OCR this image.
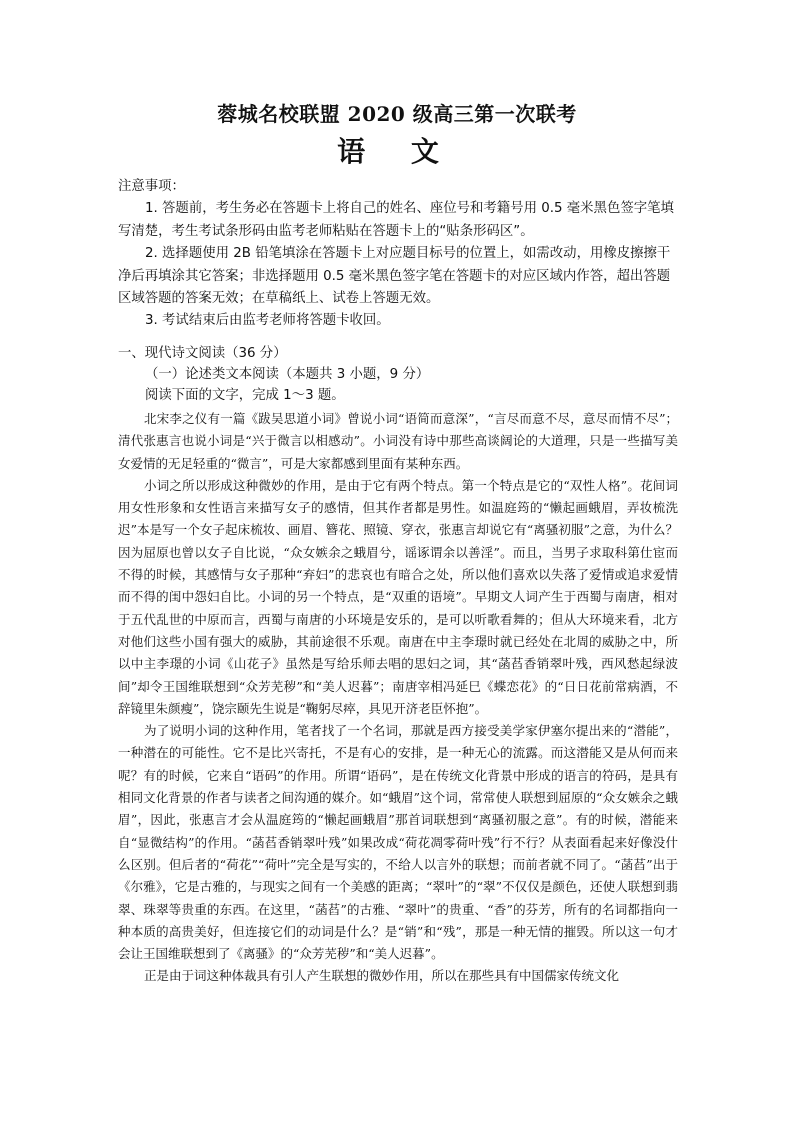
蓉城名校联盟 2020 级高三第一次联考
语 文

注意事项：

1. 答题前，考生务必在答题卡上将自己的姓名、座位号和考籍号用 0.5 毫米黑色签字笔填写清楚，考生考试条形码由监考老师粘贴在答题卡上的“贴条形码区”。

2. 选择题使用 2B 铅笔填涂在答题卡上对应题目标号的位置上，如需改动，用橡皮擦擦干净后再填涂其它答案；非选择题用 0.5 毫米黑色签字笔在答题卡的对应区域内作答，超出答题区域答题的答案无效；在草稿纸上、试卷上答题无效。

3. 考试结束后由监考老师将答题卡收回。

一、现代诗文阅读（36 分）
（一）论述类文本阅读（本题共 3 小题，9 分）
阅读下面的文字，完成 1～3 题。

北宋李之仪有一篇《跋吴思道小词》曾说小词“语简而意深”，“言尽而意不尽，意尽而情不尽”；清代张惠言也说小词是“兴于微言以相感动”。小词没有诗中那些高谈阔论的大道理，只是一些描写美女爱情的无足轻重的“微言”，可是大家都感到里面有某种东西。

小词之所以形成这种微妙的作用，是由于它有两个特点。第一个特点是它的“双性人格”。花间词用女性形象和女性语言来描写女子的感情，但其作者都是男性。如温庭筠的“懒起画蛾眉，弄妆梳洗迟”本是写一个女子起床梳妆、画眉、簪花、照镜、穿衣，张惠言却说它有“离骚初服”之意，为什么？因为屈原也曾以女子自比说，“众女嫉余之蛾眉兮，谣诼谓余以善淫”。而且，当男子求取科第仕宦而不得的时候，其感情与女子那种“弃妇”的悲哀也有暗合之处，所以他们喜欢以失落了爱情或追求爱情而不得的闺中怨妇自比。小词的另一个特点，是“双重的语境”。早期文人词产生于西蜀与南唐，相对于五代乱世的中原而言，西蜀与南唐的小环境是安乐的，是可以听歌看舞的；但从大环境来看，北方对他们这些小国有强大的威胁，其前途很不乐观。南唐在中主李璟时就已经处在北周的威胁之中，所以中主李璟的小词《山花子》虽然是写给乐师去唱的思妇之词，其“菡萏香销翠叶残，西风愁起绿波间”却令王国维联想到“众芳芜秽”和“美人迟暮”；南唐宰相冯延巳《蝶恋花》的“日日花前常病酒，不辞镜里朱颜瘦”，饶宗颐先生说是“鞠躬尽瘁，具见开济老臣怀抱”。

为了说明小词的这种作用，笔者找了一个名词，那就是西方接受美学家伊塞尔提出来的“潜能”，一种潜在的可能性。它不是比兴寄托，不是有心的安排，是一种无心的流露。而这潜能又是从何而来呢？有的时候，它来自“语码”的作用。所谓“语码”，是在传统文化背景中形成的语言的符码，是具有相同文化背景的作者与读者之间沟通的媒介。如“蛾眉”这个词，常常使人联想到屈原的“众女嫉余之蛾眉”，因此，张惠言才会从温庭筠的“懒起画蛾眉”那首词联想到“离骚初服之意”。有的时候，潜能来自“显微结构”的作用。“菡萏香销翠叶残”如果改成“荷花凋零荷叶残”行不行？从表面看起来好像没什么区别。但后者的“荷花”“荷叶”完全是写实的，不给人以言外的联想；而前者就不同了。“菡萏”出于《尔雅》，它是古雅的，与现实之间有一个美感的距离；“翠叶”的“翠”不仅仅是颜色，还使人联想到翡翠、珠翠等贵重的东西。在这里，“菡萏”的古雅、“翠叶”的贵重、“香”的芬芳，所有的名词都指向一种本质的高贵美好，但连接它们的动词是什么？是“销”和“残”，那是一种无情的摧毁。所以这一句才会让王国维联想到了《离骚》的“众芳芜秽”和“美人迟暮”。

正是由于词这种体裁具有引人产生联想的微妙作用，所以在那些具有中国儒家传统文化
